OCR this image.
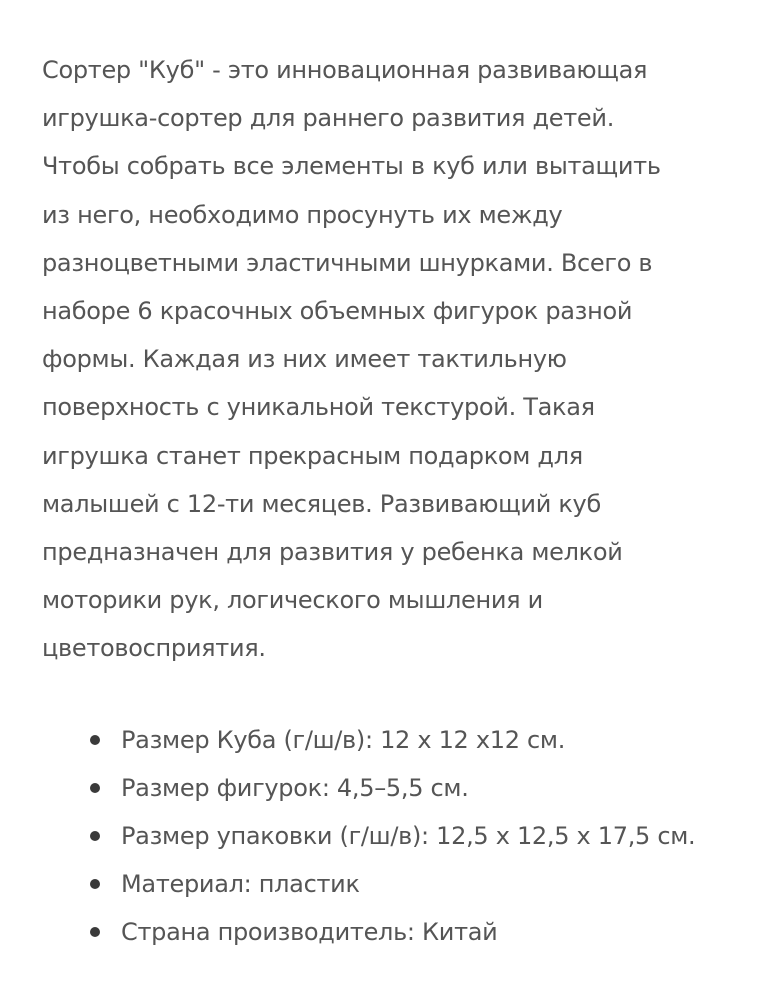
Сортер "Куб" - это инновационная развивающая
игрушка-сортер для раннего развития детей.
Чтобы собрать все элементы в куб или вытащить
из него, необходимо просунуть их между
разноцветными эластичными шнурками. Всего в
наборе 6 красочных объемных фигурок разной
формы. Каждая из них имеет тактильную
поверхность с уникальной текстурой. Такая
игрушка станет прекрасным подарком для
малышей с 12-ти месяцев. Развивающий куб
предназначен для развития у ребенка мелкой
моторики рук, логического мышления и
цветовосприятия.

Размер Куба (г/ш/в): 12 х 12 х12 см.
Размер фигурок: 4,5–5,5 см.
Размер упаковки (г/ш/в): 12,5 х 12,5 х 17,5 см.
Материал: пластик
Страна производитель: Китай
